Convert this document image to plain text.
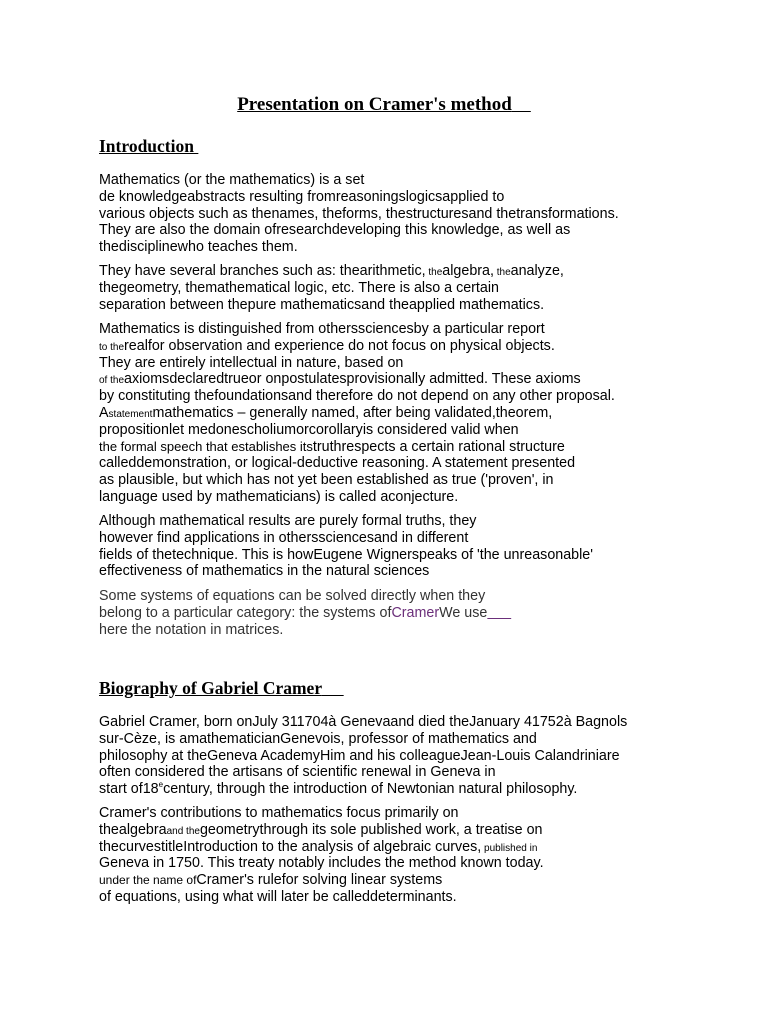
Presentation on Cramer's method
Introduction
Mathematics (or the mathematics) is a set
de knowledgeabstracts resulting fromreasoningslogicsapplied to
various objects such as thenames, theforms, thestructuresand thetransformations.
They are also the domain ofresearchdeveloping this knowledge, as well as
thedisciplinewho teaches them.
They have several branches such as: thearithmetic, thealgebra, theanalyze,
thegeometry, themathematical logic, etc. There is also a certain
separation between thepure mathematicsand theapplied mathematics.
Mathematics is distinguished from otherssciencesby a particular report
to therealfor observation and experience do not focus on physical objects.
They are entirely intellectual in nature, based on
of theaxiomsdeclaredtrueor onpostulatesprovisionally admitted. These axioms
by constituting thefoundationsand therefore do not depend on any other proposal.
Astatementmathematics – generally named, after being validated,theorem,
propositionlet medonescholiumorcorollaryis considered valid when
the formal speech that establishes itstruthrespects a certain rational structure
calleddemonstration, or logical-deductive reasoning. A statement presented
as plausible, but which has not yet been established as true ('proven', in
language used by mathematicians) is called aconjecture.
Although mathematical results are purely formal truths, they
however find applications in otherssciencesand in different
fields of thetechnique. This is howEugene Wignerspeaks of 'the unreasonable'
effectiveness of mathematics in the natural sciences
Some systems of equations can be solved directly when they
belong to a particular category: the systems ofCramerWe use
here the notation in matrices.
Biography of Gabriel Cramer
Gabriel Cramer, born onJuly 311704à Genevaand died theJanuary 41752à Bagnols
sur-Cèze, is amathematicianGenevois, professor of mathematics and
philosophy at theGeneva AcademyHim and his colleagueJean-Louis Calandriniare
often considered the artisans of scientific renewal in Geneva in
start of18ecentury, through the introduction of Newtonian natural philosophy.
Cramer's contributions to mathematics focus primarily on
thealgebraand thegeometrythrough its sole published work, a treatise on
thecurvestitleIntroduction to the analysis of algebraic curves, published in
Geneva in 1750. This treaty notably includes the method known today.
under the name ofCramer's rulefor solving linear systems
of equations, using what will later be calleddeterminants.
